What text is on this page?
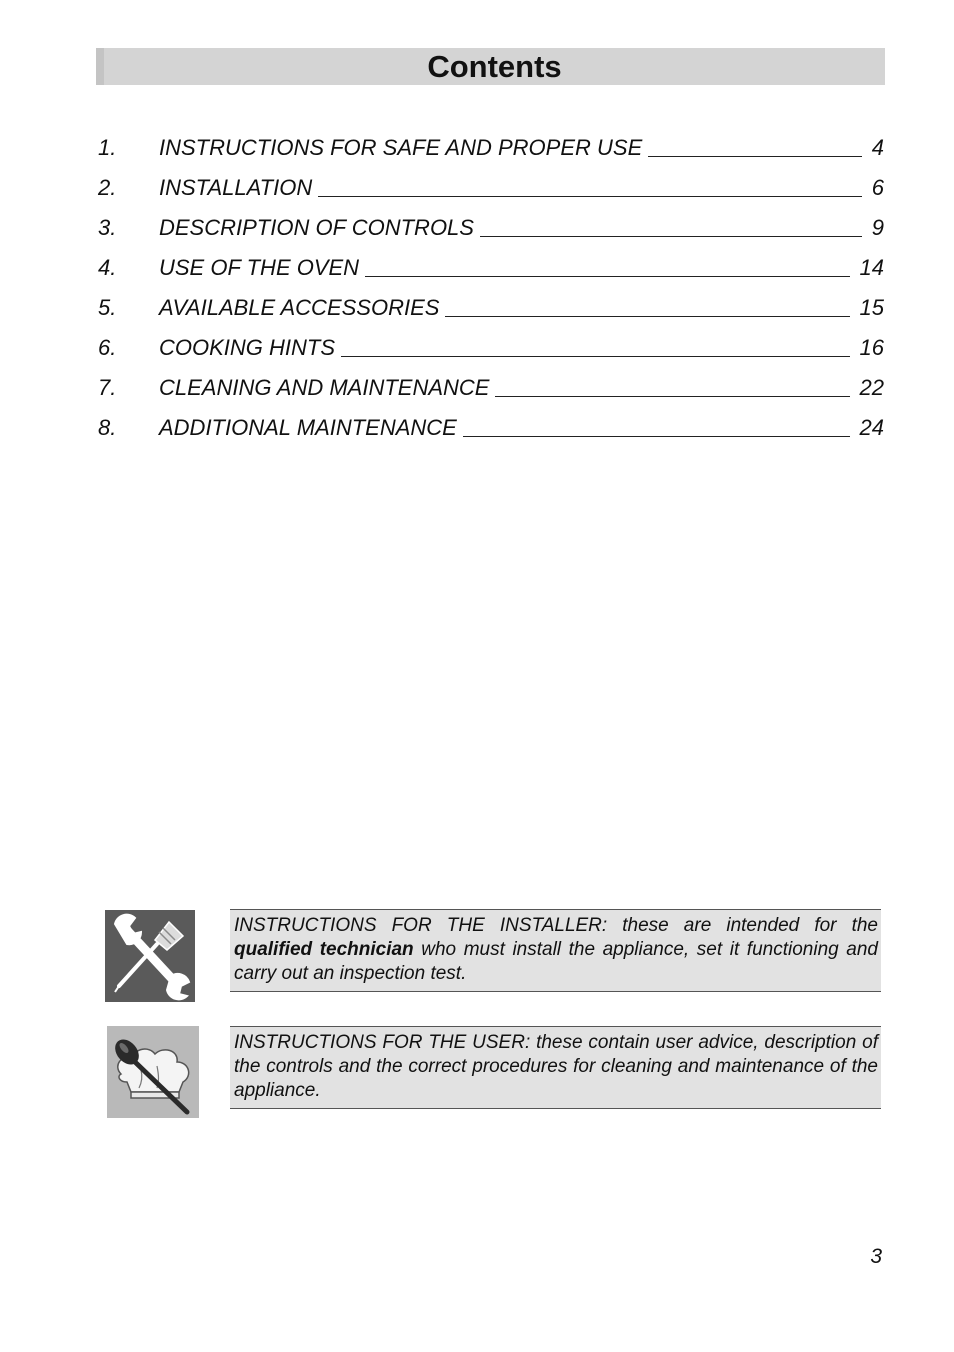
Contents
1. INSTRUCTIONS FOR SAFE AND PROPER USE	4
2. INSTALLATION	6
3. DESCRIPTION OF CONTROLS	9
4. USE OF THE OVEN	14
5. AVAILABLE ACCESSORIES	15
6. COOKING HINTS	16
7. CLEANING AND MAINTENANCE	22
8. ADDITIONAL MAINTENANCE	24
INSTRUCTIONS FOR THE INSTALLER: these are intended for the qualified technician who must install the appliance, set it functioning and carry out an inspection test.
INSTRUCTIONS FOR THE USER: these contain user advice, description of the controls and the correct procedures for cleaning and maintenance of the appliance.
3
